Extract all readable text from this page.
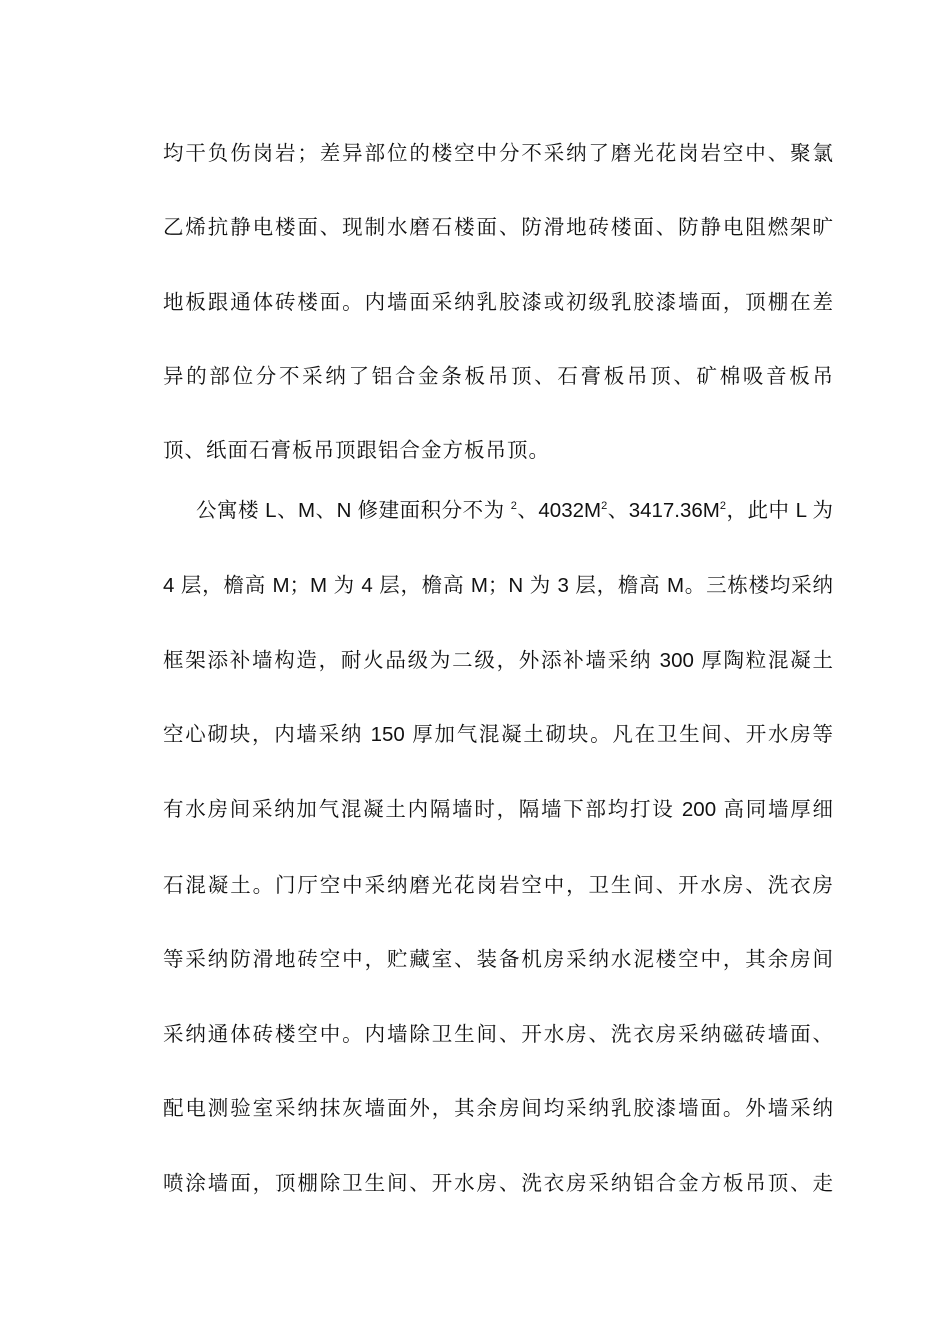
均干负伤岗岩；差异部位的楼空中分不采纳了磨光花岗岩空中、聚氯
乙烯抗静电楼面、现制水磨石楼面、防滑地砖楼面、防静电阻燃架旷
地板跟通体砖楼面。内墙面采纳乳胶漆或初级乳胶漆墙面，顶棚在差
异的部位分不采纳了铝合金条板吊顶、石膏板吊顶、矿棉吸音板吊
顶、纸面石膏板吊顶跟铝合金方板吊顶。
公寓楼 L、M、N 修建面积分不为 $^2$、$4032M^2$、$3417.36M^2$，此中 L 为
4 层，檐高 M；M 为 4 层，檐高 M；N 为 3 层，檐高 M。三栋楼均采纳
框架添补墙构造，耐火品级为二级，外添补墙采纳 300 厚陶粒混凝土
空心砌块，内墙采纳 150 厚加气混凝土砌块。凡在卫生间、开水房等
有水房间采纳加气混凝土内隔墙时，隔墙下部均打设 200 高同墙厚细
石混凝土。门厅空中采纳磨光花岗岩空中，卫生间、开水房、洗衣房
等采纳防滑地砖空中，贮藏室、装备机房采纳水泥楼空中，其余房间
采纳通体砖楼空中。内墙除卫生间、开水房、洗衣房采纳磁砖墙面、
配电测验室采纳抹灰墙面外，其余房间均采纳乳胶漆墙面。外墙采纳
喷涂墙面，顶棚除卫生间、开水房、洗衣房采纳铝合金方板吊顶、走
